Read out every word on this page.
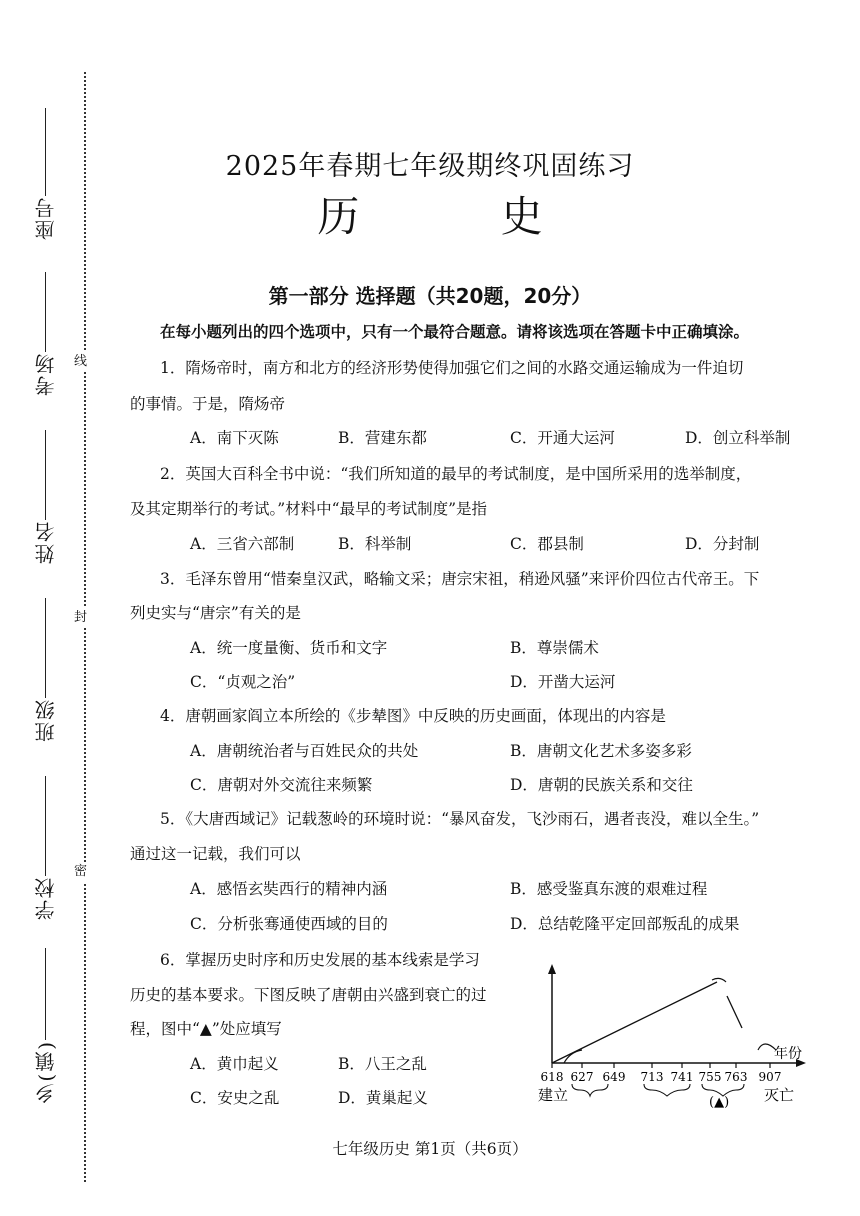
线
封
密
座号
考场
姓名
班级
学校
乡(镇)
2025年春期七年级期终巩固练习
历 史
第一部分 选择题（共20题，20分）
在每小题列出的四个选项中，只有一个最符合题意。请将该选项在答题卡中正确填涂。
1．隋炀帝时，南方和北方的经济形势使得加强它们之间的水路交通运输成为一件迫切
的事情。于是，隋炀帝
A．南下灭陈	B．营建东都	C．开通大运河	D．创立科举制
2．英国大百科全书中说：“我们所知道的最早的考试制度，是中国所采用的选举制度，
及其定期举行的考试。”材料中“最早的考试制度”是指
A．三省六部制	B．科举制	C．郡县制	D．分封制
3．毛泽东曾用“惜秦皇汉武，略输文采；唐宗宋祖，稍逊风骚”来评价四位古代帝王。下
列史实与“唐宗”有关的是
A．统一度量衡、货币和文字	B．尊崇儒术
C．“贞观之治”	D．开凿大运河
4．唐朝画家阎立本所绘的《步辇图》中反映的历史画面，体现出的内容是
A．唐朝统治者与百姓民众的共处	B．唐朝文化艺术多姿多彩
C．唐朝对外交流往来频繁	D．唐朝的民族关系和交往
5．《大唐西域记》记载葱岭的环境时说：“暴风奋发，飞沙雨石，遇者丧没，难以全生。”
通过这一记载，我们可以
A．感悟玄奘西行的精神内涵	B．感受鉴真东渡的艰难过程
C．分析张骞通使西域的目的	D．总结乾隆平定回部叛乱的成果
6．掌握历史时序和历史发展的基本线索是学习
历史的基本要求。下图反映了唐朝由兴盛到衰亡的过
程，图中“▲”处应填写
A．黄巾起义	B．八王之乱
C．安史之乱	D．黄巢起义
618 627 649 713 741 755 763 907
年份
建立	灭亡
(▲)
七年级历史 第1页（共6页）
